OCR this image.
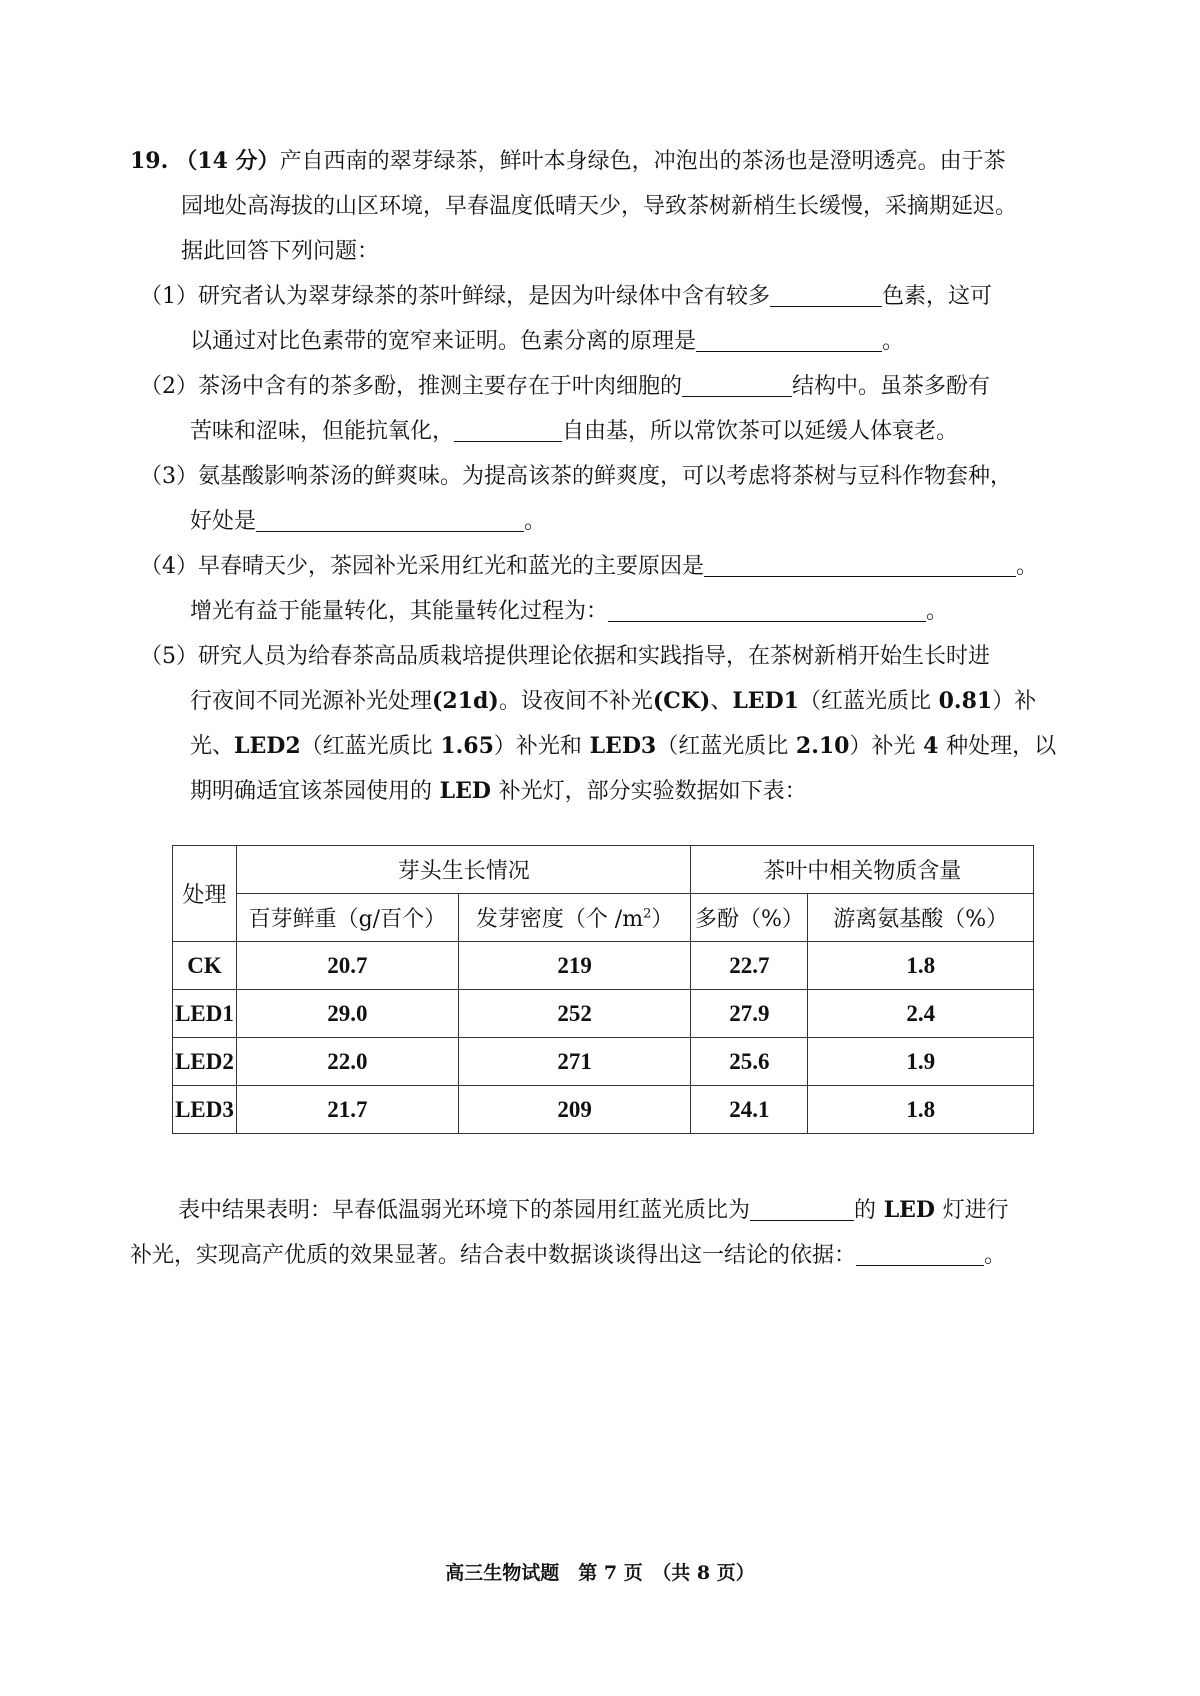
19. （14 分）产自西南的翠芽绿茶，鲜叶本身绿色，冲泡出的茶汤也是澄明透亮。由于茶
园地处高海拔的山区环境，早春温度低晴天少，导致茶树新梢生长缓慢，采摘期延迟。
据此回答下列问题：
（1）研究者认为翠芽绿茶的茶叶鲜绿，是因为叶绿体中含有较多	色素，这可
以通过对比色素带的宽窄来证明。色素分离的原理是	。
（2）茶汤中含有的茶多酚，推测主要存在于叶肉细胞的	结构中。虽茶多酚有
苦味和涩味，但能抗氧化，	自由基，所以常饮茶可以延缓人体衰老。
（3）氨基酸影响茶汤的鲜爽味。为提高该茶的鲜爽度，可以考虑将茶树与豆科作物套种，
好处是	。
（4）早春晴天少，茶园补光采用红光和蓝光的主要原因是	。
增光有益于能量转化，其能量转化过程为：	。
（5）研究人员为给春茶高品质栽培提供理论依据和实践指导，在茶树新梢开始生长时进
行夜间不同光源补光处理(21d)。设夜间不补光(CK)、LED1（红蓝光质比 0.81）补
光、LED2（红蓝光质比 1.65）补光和 LED3（红蓝光质比 2.10）补光 4 种处理，以
期明确适宜该茶园使用的 LED 补光灯，部分实验数据如下表：
处理	芽头生长情况		茶叶中相关物质含量	
	百芽鲜重（g/百个）	发芽密度（个 $/m^2$）	多酚（%）	游离氨基酸（%）
CK	20.7	219	22.7	1.8
LED1	29.0	252	27.9	2.4
LED2	22.0	271	25.6	1.9
LED3	21.7	209	24.1	1.8
表中结果表明：早春低温弱光环境下的茶园用红蓝光质比为	的 LED 灯进行
补光，实现高产优质的效果显著。结合表中数据谈谈得出这一结论的依据：	。
高三生物试题　第 7 页　（共 8 页）
